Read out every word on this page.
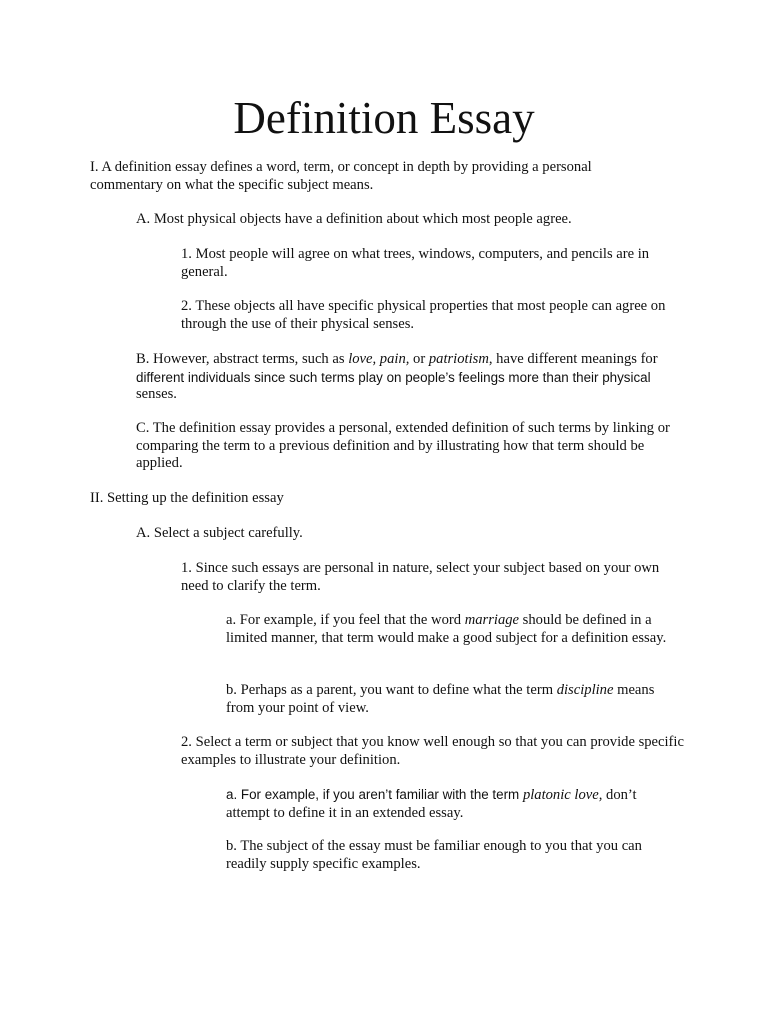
Definition Essay

I. A definition essay defines a word, term, or concept in depth by providing a personal commentary on what the specific subject means.

A. Most physical objects have a definition about which most people agree.

1. Most people will agree on what trees, windows, computers, and pencils are in general.

2. These objects all have specific physical properties that most people can agree on through the use of their physical senses.

B. However, abstract terms, such as love, pain, or patriotism, have different meanings for
different individuals since such terms play on people’s feelings more than their physical
senses.

C. The definition essay provides a personal, extended definition of such terms by linking or comparing the term to a previous definition and by illustrating how that term should be applied.

II. Setting up the definition essay

A. Select a subject carefully.

1. Since such essays are personal in nature, select your subject based on your own need to clarify the term.

a. For example, if you feel that the word marriage should be defined in a limited manner, that term would make a good subject for a definition essay.

b. Perhaps as a parent, you want to define what the term discipline means from your point of view.

2. Select a term or subject that you know well enough so that you can provide specific examples to illustrate your definition.

a. For example, if you aren’t familiar with the term platonic love, don’t
attempt to define it in an extended essay.

b. The subject of the essay must be familiar enough to you that you can readily supply specific examples.
